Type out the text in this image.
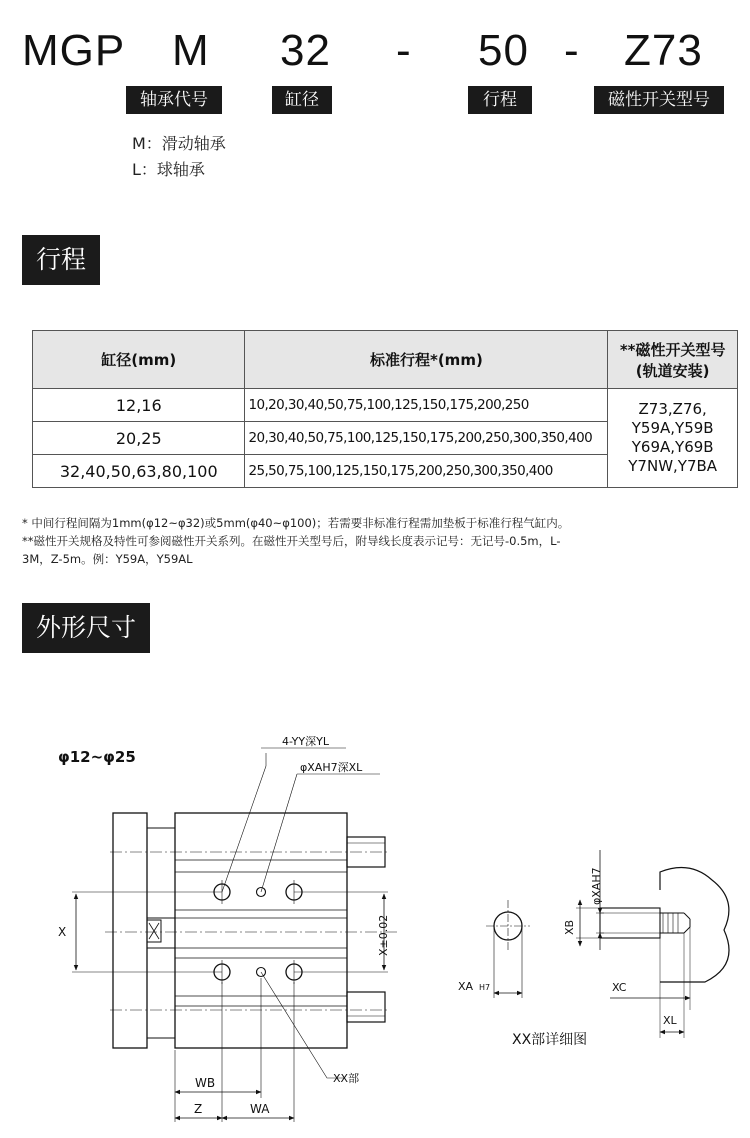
MGP M 32 - 50 - Z73
轴承代号	缸径	行程	磁性开关型号
M：滑动轴承
L：球轴承
行程
缸径(mm)	标准行程*(mm)	**磁性开关型号
(轨道安装)

12,16	10,20,30,40,50,75,100,125,150,175,200,250	Z73,Z76,
Y59A,Y59B
Y69A,Y69B
Y7NW,Y7BA

20,25	20,30,40,50,75,100,125,150,175,200,250,300,350,400	
32,40,50,63,80,100	25,50,75,100,125,150,175,200,250,300,350,400	
* 中间行程间隔为1mm(φ12~φ32)或5mm(φ40~φ100)；若需要非标准行程需加垫板于标准行程气缸内。
**磁性开关规格及特性可参阅磁性开关系列。在磁性开关型号后，附导线长度表示记号：无记号-0.5m，L-
3M，Z-5m。例：Y59A，Y59AL
外形尺寸
φ12~φ25
X	X±0.02
4-YY深YL
φXAH7深XL
XX部
WB
Z	WA
XA H7
XB
φXAH7
XC
XL
XX部详细图
